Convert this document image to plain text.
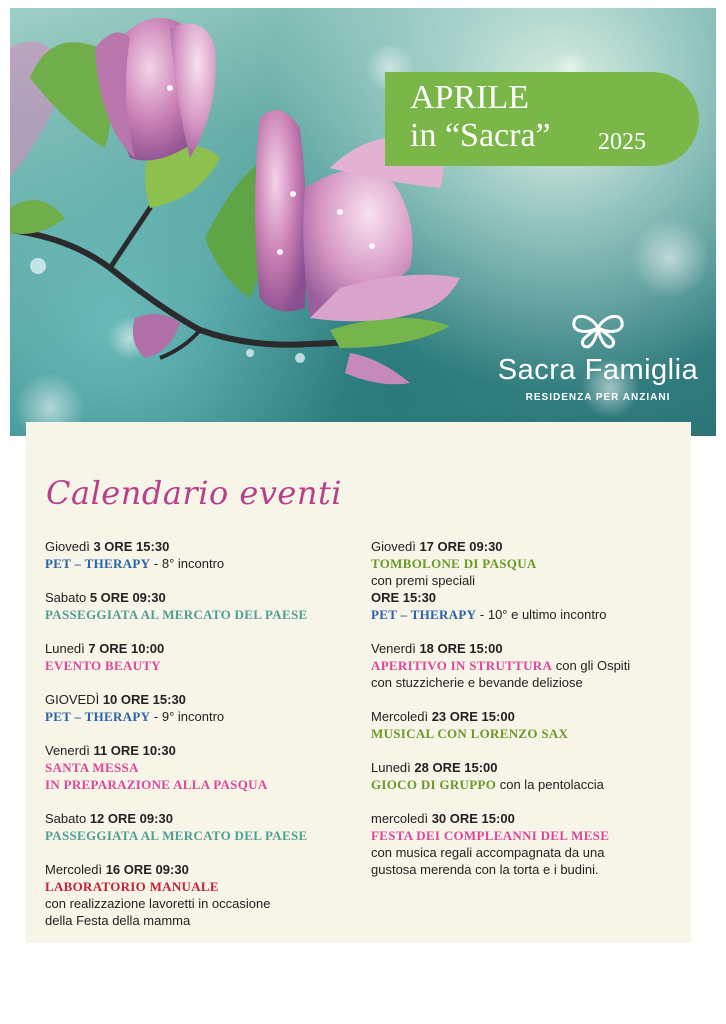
APRILE
in “Sacra” 2025
Sacra Famiglia
RESIDENZA PER ANZIANI
Calendario eventi
Giovedì 3 ORE 15:30
PET – THERAPY - 8° incontro
Sabato 5 ORE 09:30
PASSEGGIATA AL MERCATO DEL PAESE
Lunedì 7 ORE 10:00
EVENTO BEAUTY
GIOVEDÌ 10 ORE 15:30
PET – THERAPY - 9° incontro
Venerdì 11 ORE 10:30
SANTA MESSA
IN PREPARAZIONE ALLA PASQUA
Sabato 12 ORE 09:30
PASSEGGIATA AL MERCATO DEL PAESE
Mercoledì 16 ORE 09:30
LABORATORIO MANUALE
con realizzazione lavoretti in occasione
della Festa della mamma
Giovedì 17 ORE 09:30
TOMBOLONE DI PASQUA
con premi speciali
ORE 15:30
PET – THERAPY - 10° e ultimo incontro
Venerdì 18 ORE 15:00
APERITIVO IN STRUTTURA con gli Ospiti
con stuzzicherie e bevande deliziose
Mercoledì 23 ORE 15:00
MUSICAL CON LORENZO SAX
Lunedì 28 ORE 15:00
GIOCO DI GRUPPO con la pentolaccia
mercoledì 30 ORE 15:00
FESTA DEI COMPLEANNI DEL MESE
con musica regali accompagnata da una
gustosa merenda con la torta e i budini.
